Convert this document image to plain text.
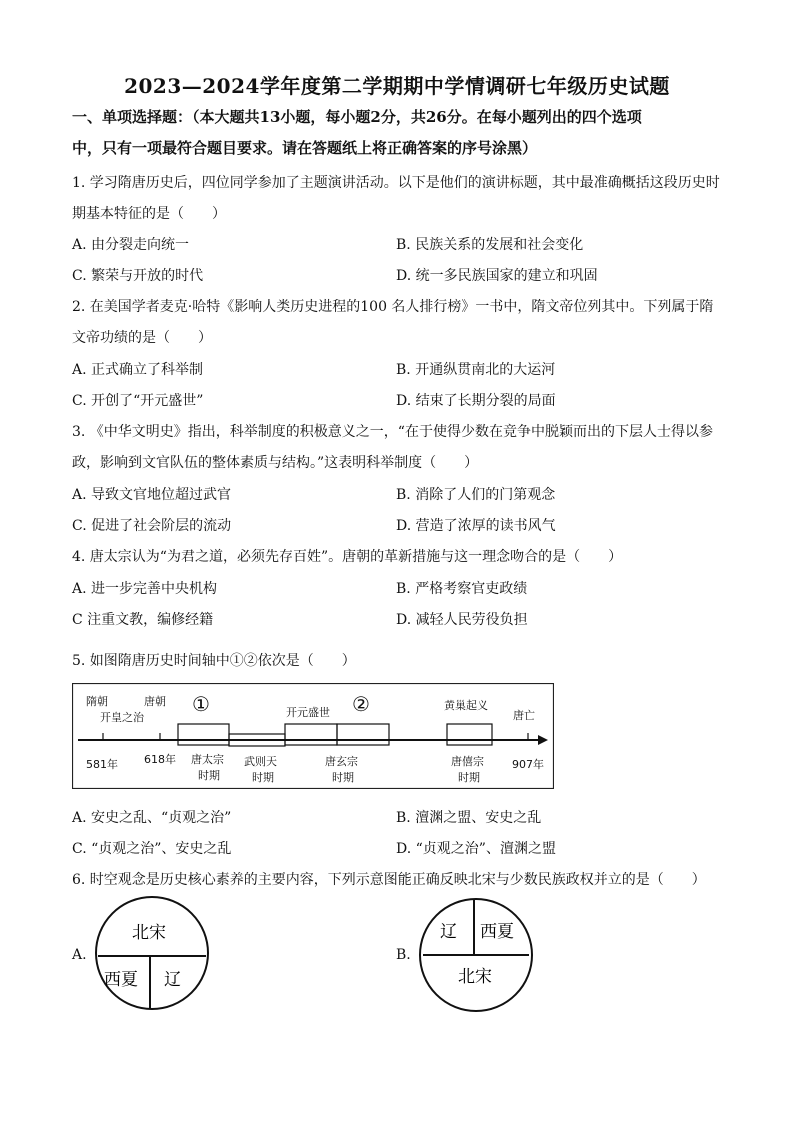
2023—2024学年度第二学期期中学情调研七年级历史试题
一、单项选择题：（本大题共13小题，每小题2分，共26分。在每小题列出的四个选项
中，只有一项最符合题目要求。请在答题纸上将正确答案的序号涂黑）
1. 学习隋唐历史后，四位同学参加了主题演讲活动。以下是他们的演讲标题，其中最准确概括这段历史时
期基本特征的是（　　）
A. 由分裂走向统一	B. 民族关系的发展和社会变化
C. 繁荣与开放的时代	D. 统一多民族国家的建立和巩固
2. 在美国学者麦克·哈特《影响人类历史进程的100 名人排行榜》一书中，隋文帝位列其中。下列属于隋
文帝功绩的是（　　）
A. 正式确立了科举制	B. 开通纵贯南北的大运河
C. 开创了“开元盛世”	D. 结束了长期分裂的局面
3. 《中华文明史》指出，科举制度的积极意义之一，“在于使得少数在竞争中脱颖而出的下层人士得以参
政，影响到文官队伍的整体素质与结构。”这表明科举制度（　　）
A. 导致文官地位超过武官	B. 消除了人们的门第观念
C. 促进了社会阶层的流动	D. 营造了浓厚的读书风气
4. 唐太宗认为“为君之道，必须先存百姓”。唐朝的革新措施与这一理念吻合的是（　　）
A. 进一步完善中央机构	B. 严格考察官吏政绩
C 注重文教，编修经籍	D. 减轻人民劳役负担
5. 如图隋唐历史时间轴中①②依次是（　　）
隋朝
开皇之治
唐朝 ①	开元盛世 ②	黄巢起义
唐亡
581年 618年	907年
唐太宗
时期
武则天
时期
唐玄宗
时期
唐僖宗
时期
A. 安史之乱、“贞观之治”	B. 澶渊之盟、安史之乱
C. “贞观之治”、安史之乱	D. “贞观之治”、澶渊之盟
6. 时空观念是历史核心素养的主要内容，下列示意图能正确反映北宋与少数民族政权并立的是（　　）
A.
北宋
西夏 辽
B.
辽 西夏
北宋
